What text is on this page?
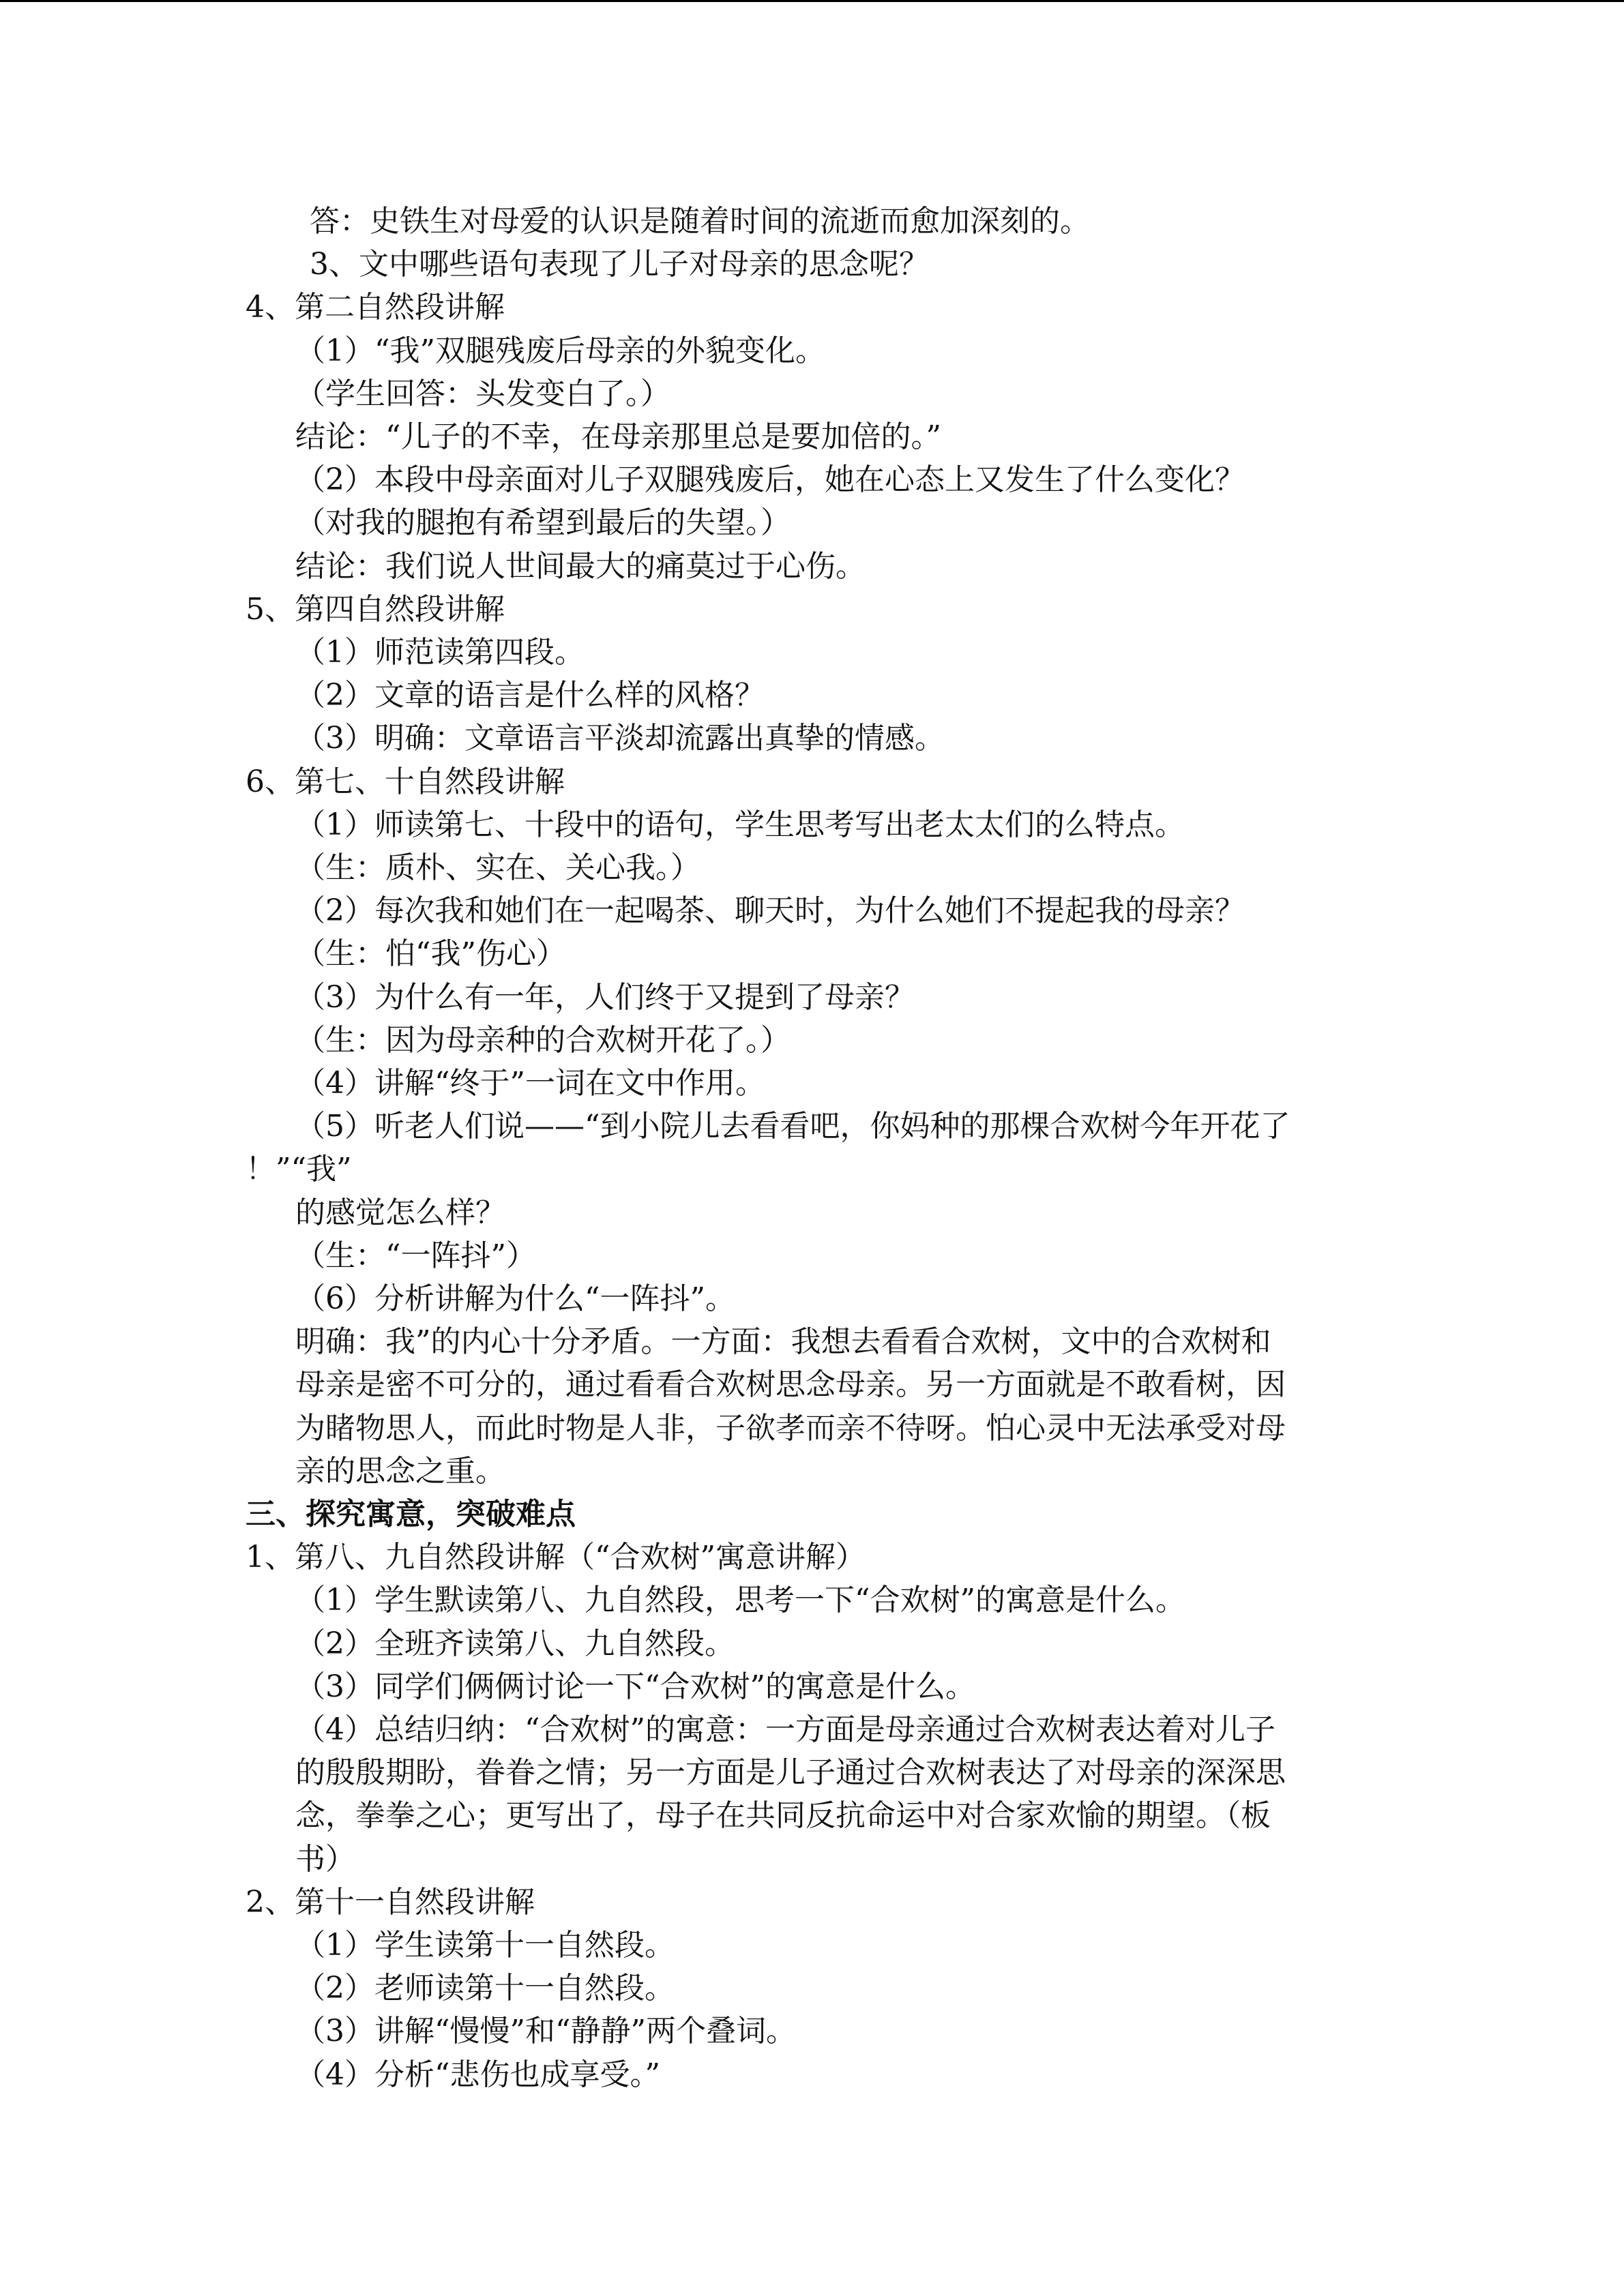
答：史铁生对母爱的认识是随着时间的流逝而愈加深刻的。
3、文中哪些语句表现了儿子对母亲的思念呢？
4、第二自然段讲解
（1）“我”双腿残废后母亲的外貌变化。
（学生回答：头发变白了。）
结论：“儿子的不幸，在母亲那里总是要加倍的。”
（2）本段中母亲面对儿子双腿残废后，她在心态上又发生了什么变化？
（对我的腿抱有希望到最后的失望。）
结论：我们说人世间最大的痛莫过于心伤。
5、第四自然段讲解
（1）师范读第四段。
（2）文章的语言是什么样的风格？
（3）明确：文章语言平淡却流露出真挚的情感。
6、第七、十自然段讲解
（1）师读第七、十段中的语句，学生思考写出老太太们的么特点。
（生：质朴、实在、关心我。）
（2）每次我和她们在一起喝茶、聊天时，为什么她们不提起我的母亲？
（生：怕“我”伤心）
（3）为什么有一年，人们终于又提到了母亲？
（生：因为母亲种的合欢树开花了。）
（4）讲解“终于”一词在文中作用。
（5）听老人们说——“到小院儿去看看吧，你妈种的那棵合欢树今年开花了
！”“我”
的感觉怎么样？
（生：“一阵抖”）
（6）分析讲解为什么“一阵抖”。
明确：我”的内心十分矛盾。一方面：我想去看看合欢树，文中的合欢树和
母亲是密不可分的，通过看看合欢树思念母亲。另一方面就是不敢看树，因
为睹物思人，而此时物是人非，子欲孝而亲不待呀。怕心灵中无法承受对母
亲的思念之重。
三、探究寓意，突破难点
1、第八、九自然段讲解（“合欢树”寓意讲解）
（1）学生默读第八、九自然段，思考一下“合欢树”的寓意是什么。
（2）全班齐读第八、九自然段。
（3）同学们俩俩讨论一下“合欢树”的寓意是什么。
（4）总结归纳：“合欢树”的寓意：一方面是母亲通过合欢树表达着对儿子
的殷殷期盼，眷眷之情；另一方面是儿子通过合欢树表达了对母亲的深深思
念，拳拳之心；更写出了，母子在共同反抗命运中对合家欢愉的期望。（板
书）
2、第十一自然段讲解
（1）学生读第十一自然段。
（2）老师读第十一自然段。
（3）讲解“慢慢”和“静静”两个叠词。
（4）分析“悲伤也成享受。”
